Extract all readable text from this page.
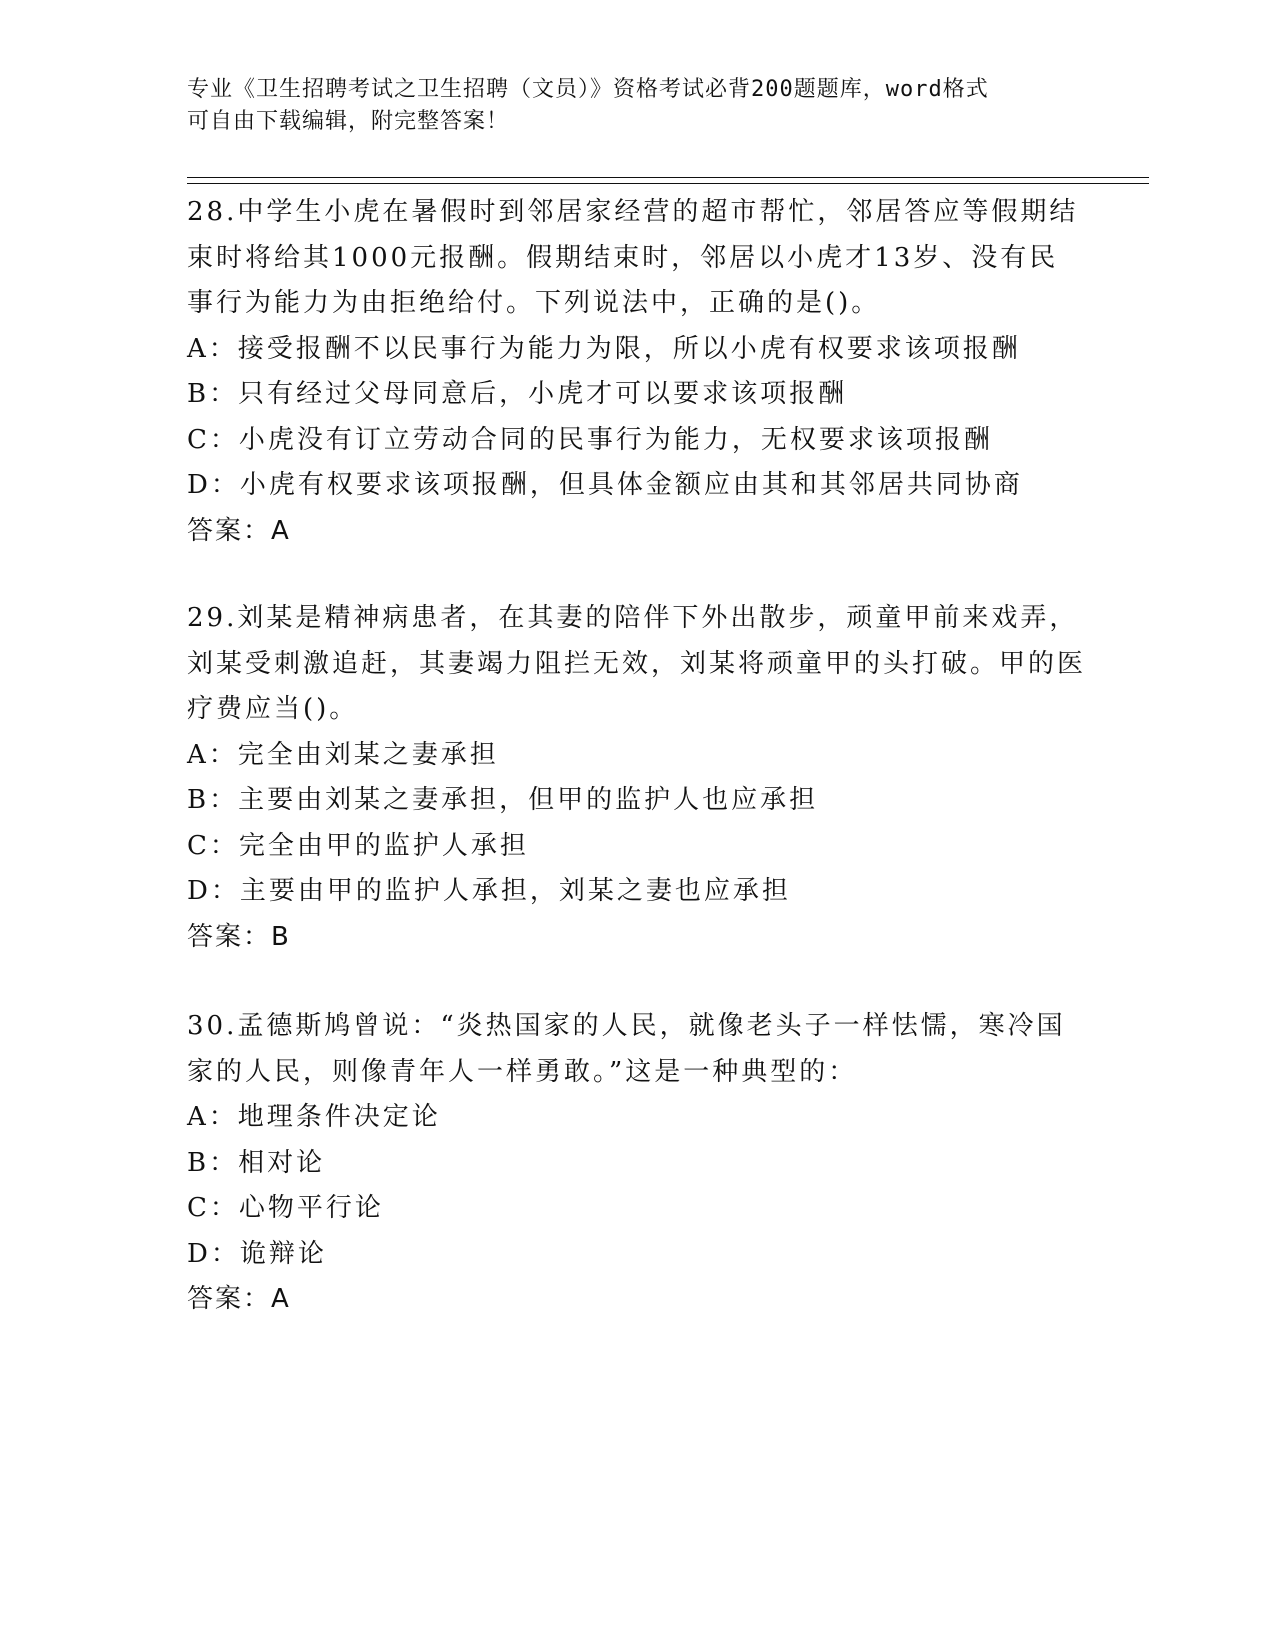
专业《卫生招聘考试之卫生招聘（文员）》资格考试必背200题题库，word格式
可自由下载编辑，附完整答案！

28.中学生小虎在暑假时到邻居家经营的超市帮忙，邻居答应等假期结束时将给其1000元报酬。假期结束时，邻居以小虎才13岁、没有民事行为能力为由拒绝给付。下列说法中，正确的是()。

A：接受报酬不以民事行为能力为限，所以小虎有权要求该项报酬

B：只有经过父母同意后，小虎才可以要求该项报酬

C：小虎没有订立劳动合同的民事行为能力，无权要求该项报酬

D：小虎有权要求该项报酬，但具体金额应由其和其邻居共同协商

答案：A

29.刘某是精神病患者，在其妻的陪伴下外出散步，顽童甲前来戏弄，刘某受刺激追赶，其妻竭力阻拦无效，刘某将顽童甲的头打破。甲的医疗费应当()。

A：完全由刘某之妻承担

B：主要由刘某之妻承担，但甲的监护人也应承担

C：完全由甲的监护人承担

D：主要由甲的监护人承担，刘某之妻也应承担

答案：B

30.孟德斯鸠曾说：“炎热国家的人民，就像老头子一样怯懦，寒冷国家的人民，则像青年人一样勇敢。”这是一种典型的：

A：地理条件决定论

B：相对论

C：心物平行论

D：诡辩论

答案：A
